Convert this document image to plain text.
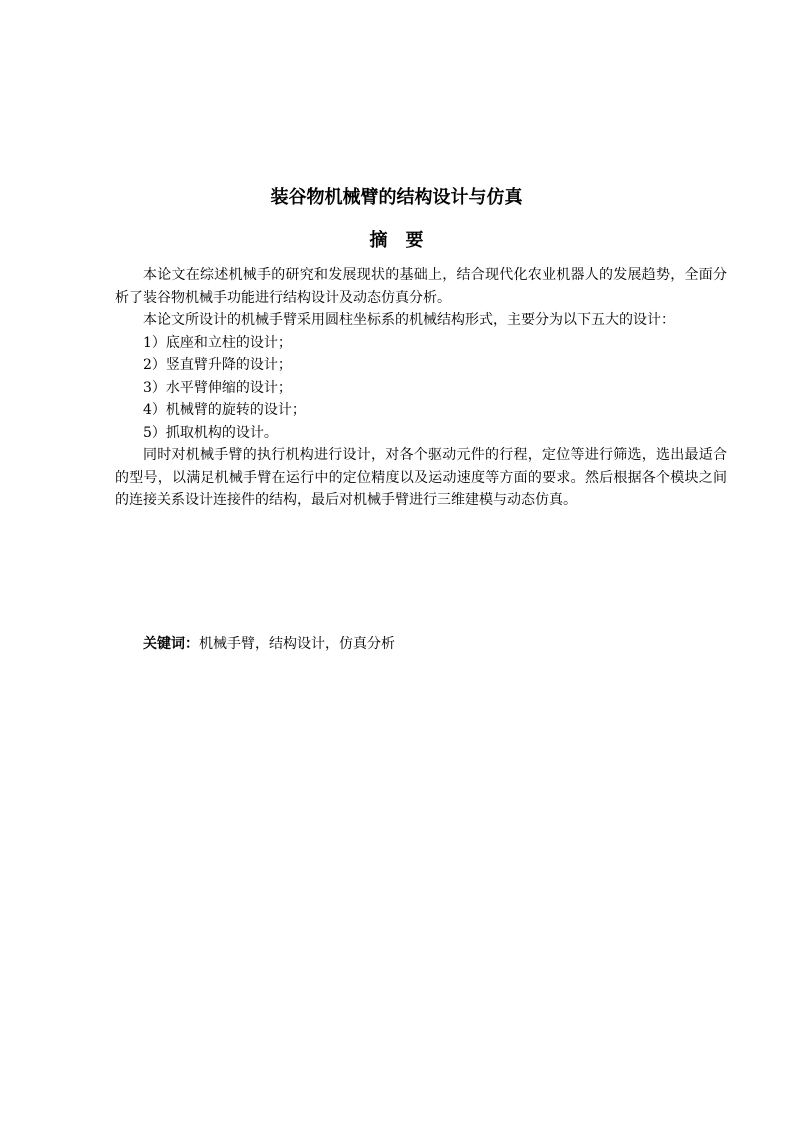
装谷物机械臂的结构设计与仿真
摘要

本论文在综述机械手的研究和发展现状的基础上，结合现代化农业机器人的发展趋势，全面分析了装谷物机械手功能进行结构设计及动态仿真分析。

本论文所设计的机械手臂采用圆柱坐标系的机械结构形式，主要分为以下五大的设计：

1）底座和立柱的设计；

2）竖直臂升降的设计；

3）水平臂伸缩的设计；

4）机械臂的旋转的设计；

5）抓取机构的设计。

同时对机械手臂的执行机构进行设计，对各个驱动元件的行程，定位等进行筛选，选出最适合的型号，以满足机械手臂在运行中的定位精度以及运动速度等方面的要求。然后根据各个模块之间的连接关系设计连接件的结构，最后对机械手臂进行三维建模与动态仿真。

关键词：机械手臂，结构设计，仿真分析
